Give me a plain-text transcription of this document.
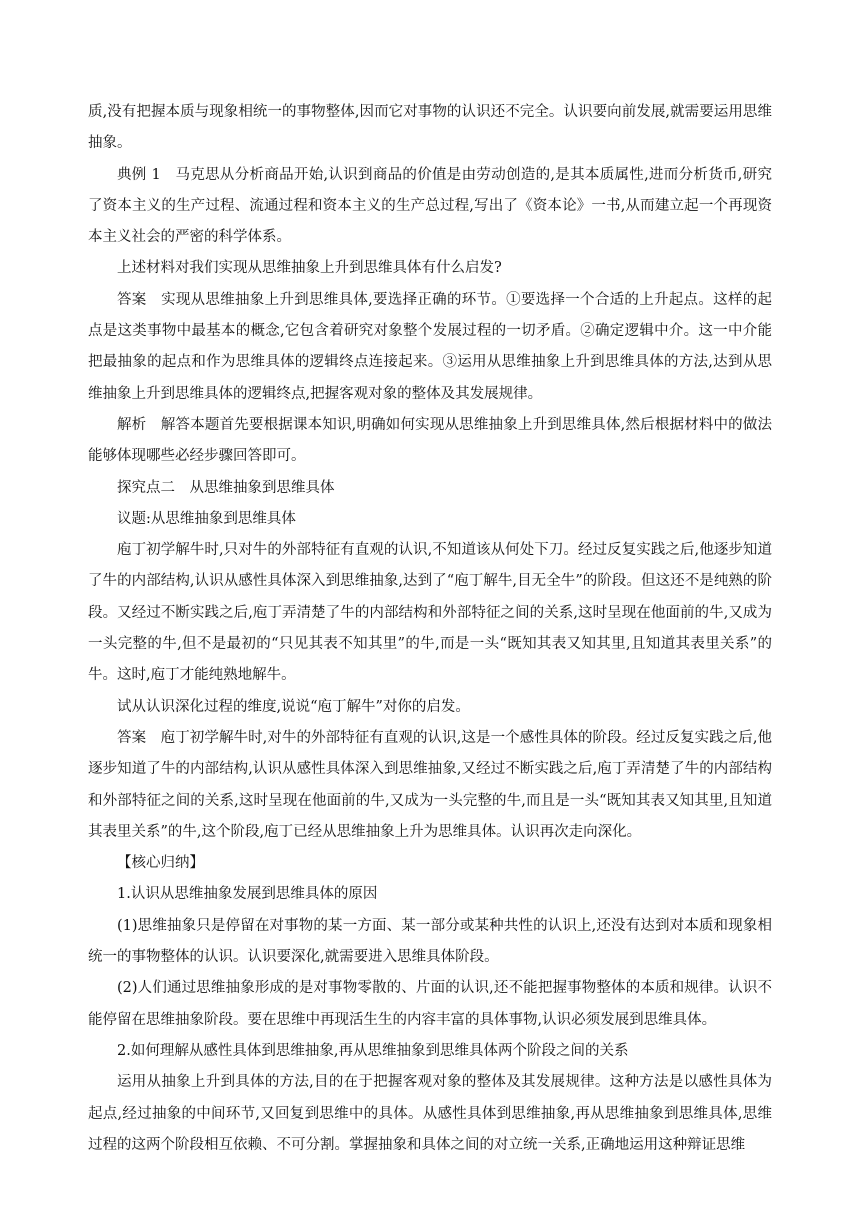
质,没有把握本质与现象相统一的事物整体,因而它对事物的认识还不完全。认识要向前发展,就需要运用思维抽象。

典例 1 马克思从分析商品开始,认识到商品的价值是由劳动创造的,是其本质属性,进而分析货币,研究了资本主义的生产过程、流通过程和资本主义的生产总过程,写出了《资本论》一书,从而建立起一个再现资本主义社会的严密的科学体系。

上述材料对我们实现从思维抽象上升到思维具体有什么启发?

答案 实现从思维抽象上升到思维具体,要选择正确的环节。①要选择一个合适的上升起点。这样的起点是这类事物中最基本的概念,它包含着研究对象整个发展过程的一切矛盾。②确定逻辑中介。这一中介能把最抽象的起点和作为思维具体的逻辑终点连接起来。③运用从思维抽象上升到思维具体的方法,达到从思维抽象上升到思维具体的逻辑终点,把握客观对象的整体及其发展规律。

解析 解答本题首先要根据课本知识,明确如何实现从思维抽象上升到思维具体,然后根据材料中的做法能够体现哪些必经步骤回答即可。

探究点二 从思维抽象到思维具体

议题:从思维抽象到思维具体

庖丁初学解牛时,只对牛的外部特征有直观的认识,不知道该从何处下刀。经过反复实践之后,他逐步知道了牛的内部结构,认识从感性具体深入到思维抽象,达到了“庖丁解牛,目无全牛”的阶段。但这还不是纯熟的阶段。又经过不断实践之后,庖丁弄清楚了牛的内部结构和外部特征之间的关系,这时呈现在他面前的牛,又成为一头完整的牛,但不是最初的“只见其表不知其里”的牛,而是一头“既知其表又知其里,且知道其表里关系”的牛。这时,庖丁才能纯熟地解牛。

试从认识深化过程的维度,说说“庖丁解牛”对你的启发。

答案 庖丁初学解牛时,对牛的外部特征有直观的认识,这是一个感性具体的阶段。经过反复实践之后,他逐步知道了牛的内部结构,认识从感性具体深入到思维抽象,又经过不断实践之后,庖丁弄清楚了牛的内部结构和外部特征之间的关系,这时呈现在他面前的牛,又成为一头完整的牛,而且是一头“既知其表又知其里,且知道其表里关系”的牛,这个阶段,庖丁已经从思维抽象上升为思维具体。认识再次走向深化。

【核心归纳】

1.认识从思维抽象发展到思维具体的原因

(1)思维抽象只是停留在对事物的某一方面、某一部分或某种共性的认识上,还没有达到对本质和现象相统一的事物整体的认识。认识要深化,就需要进入思维具体阶段。

(2)人们通过思维抽象形成的是对事物零散的、片面的认识,还不能把握事物整体的本质和规律。认识不能停留在思维抽象阶段。要在思维中再现活生生的内容丰富的具体事物,认识必须发展到思维具体。

2.如何理解从感性具体到思维抽象,再从思维抽象到思维具体两个阶段之间的关系

运用从抽象上升到具体的方法,目的在于把握客观对象的整体及其发展规律。这种方法是以感性具体为起点,经过抽象的中间环节,又回复到思维中的具体。从感性具体到思维抽象,再从思维抽象到思维具体,思维过程的这两个阶段相互依赖、不可分割。掌握抽象和具体之间的对立统一关系,正确地运用这种辩证思维
